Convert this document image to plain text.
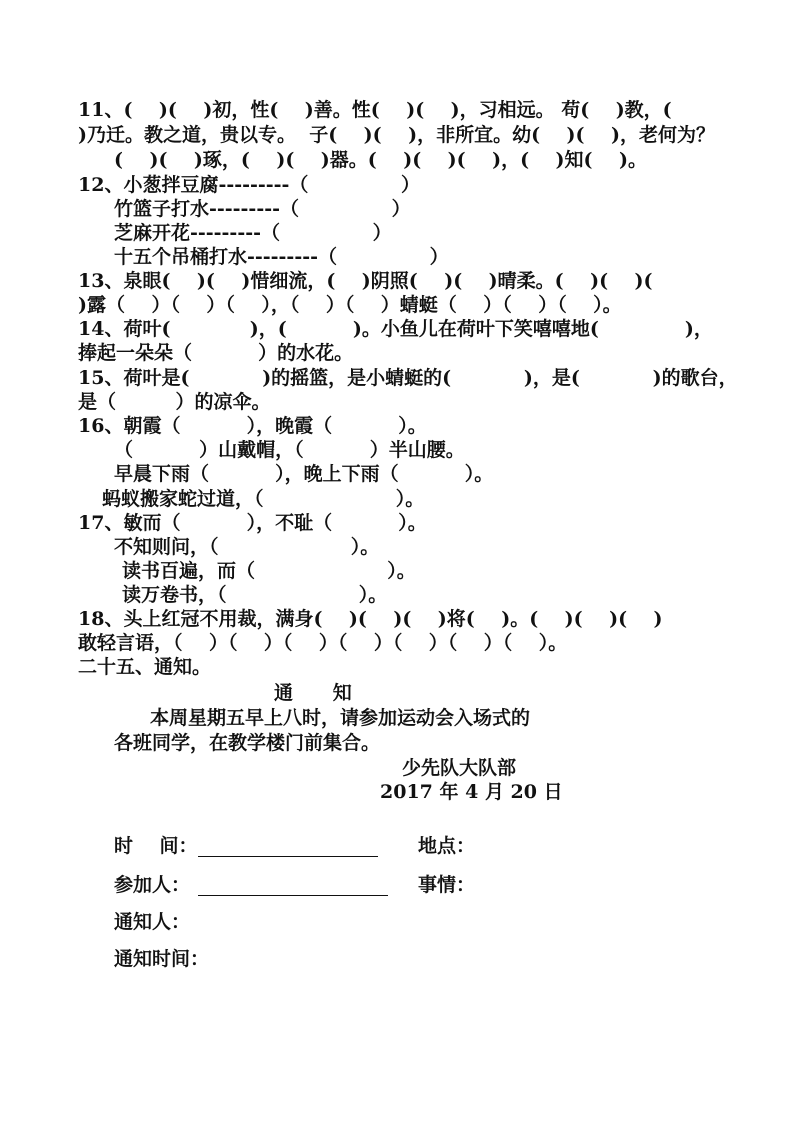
11、(    )(    )初，性(    )善。性(    )(    )，习相远。 苟(    )教，(
)乃迁。教之道，贵以专。  子(    )(    )，非所宜。幼(    )(    )，老何为？
(    )(    )琢，(    )(    )器。(    )(    )(    )，(    )知(    )。
12、小葱拌豆腐---------（              ）
竹篮子打水---------（              ）
芝麻开花---------（              ）
十五个吊桶打水---------（              ）
13、泉眼(    )(    )惜细流，(    )阴照(    )(    )晴柔。(    )(    )(
)露（    ）（    ）（    ），（    ）（    ）蜻蜓（    ）（    ）（    ）。
14、荷叶(            )，(          )。小鱼儿在荷叶下笑嘻嘻地(             )，
捧起一朵朵（          ）的水花。
15、荷叶是(           )的摇篮，是小蜻蜓的(           )，是(           )的歌台，
是（         ）的凉伞。
16、朝霞（          ），晚霞（          ）。
（          ）山戴帽，（          ）半山腰。
早晨下雨（          ），晚上下雨（          ）。
蚂蚁搬家蛇过道，（                    ）。
17、敏而（          ），不耻（          ）。
不知则问，（                    ）。
读书百遍，而（                    ）。
读万卷书，（                    ）。
18、头上红冠不用裁，满身(    )(    )(    )将(    )。(    )(    )(    )
敢轻言语，（    ）（    ）（    ）（    ）（    ）（    ）（    ）。
二十五、通知。
通      知
本周星期五早上八时，请参加运动会入场式的
各班同学，在教学楼门前集合。
少先队大队部
2017 年 4 月 20 日
时    间：	地点：
参加人：	事情：
通知人：
通知时间：
